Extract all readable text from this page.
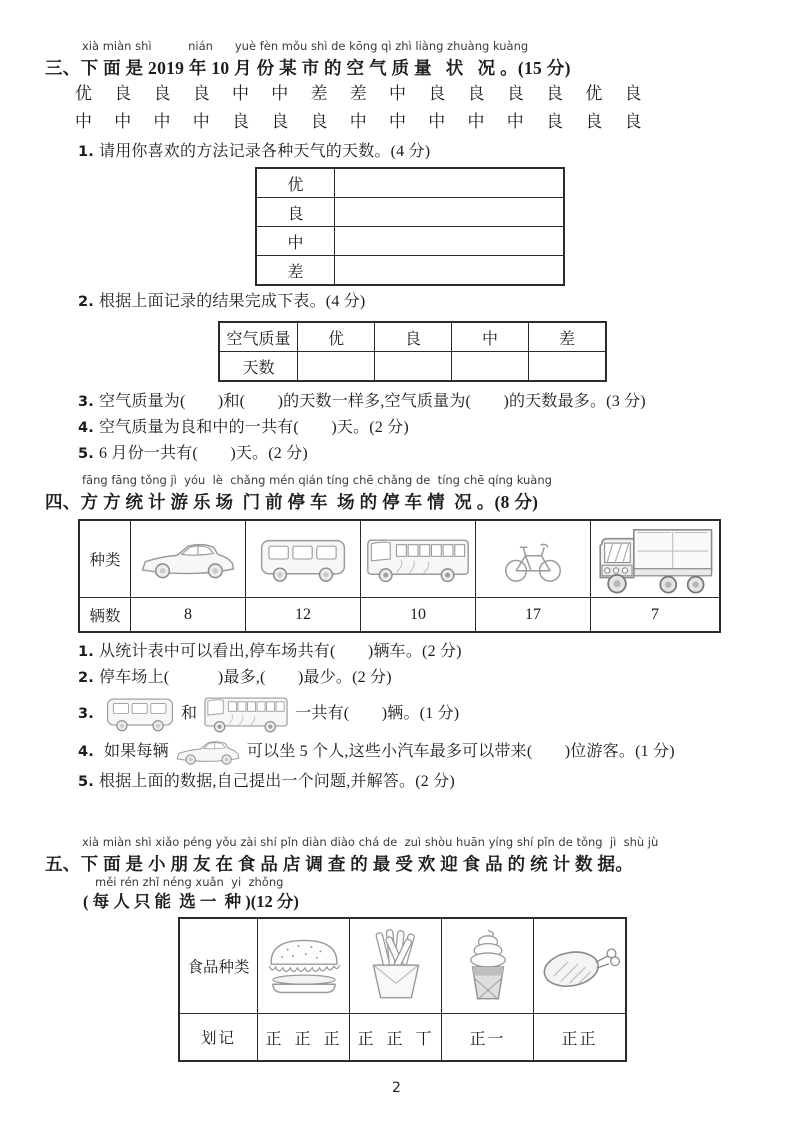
xià miàn shì          nián      yuè fèn mǒu shì de kōng qì zhì liàng zhuàng kuàng
三、下 面 是 2019 年 10 月 份 某 市 的 空 气 质 量   状   况 。(15 分)
优 良 良 良 中 中 差 差 中 良 良 良 良 优 良
中 中 中 中 良 良 良 中 中 中 中 中 良 良 良

1. 请用你喜欢的方法记录各种天气的天数。(4 分)

优	
良	
中	
差	

2. 根据上面记录的结果完成下表。(4 分)

空气质量	优	良	中	差
天数				

3. 空气质量为(　　)和(　　)的天数一样多,空气质量为(　　)的天数最多。(3 分)

4. 空气质量为良和中的一共有(　　)天。(2 分)

5. 6 月份一共有(　　)天。(2 分)

fāng fāng tǒng jì  yóu  lè  chǎng mén qián tíng chē chǎng de  tíng chē qíng kuàng
四、方 方 统 计 游 乐 场  门 前 停 车  场 的 停 车 情  况 。(8 分)
种类	

辆数	8	12	10	17	7

1. 从统计表中可以看出,停车场共有(　　)辆车。(2 分)

2. 停车场上(　　　)最多,(　　)最少。(2 分)

3.	和	一共有(　　)辆。(1 分)

4. 如果每辆	可以坐 5 个人,这些小汽车最多可以带来(　　)位游客。(1 分)

5. 根据上面的数据,自己提出一个问题,并解答。(2 分)

xià miàn shì xiǎo péng yǒu zài shí pǐn diàn diào chá de  zuì shòu huān yíng shí pǐn de tǒng  jì  shù jù
五、下 面 是 小 朋 友 在 食 品 店 调 查 的 最 受 欢 迎 食 品 的 统 计 数 据。
měi rén zhǐ néng xuǎn  yi  zhǒng
( 每 人 只 能  选 一  种 )(12 分)
食品种类	

划记	正 正 正	正 正 丅	正一	正正
2
